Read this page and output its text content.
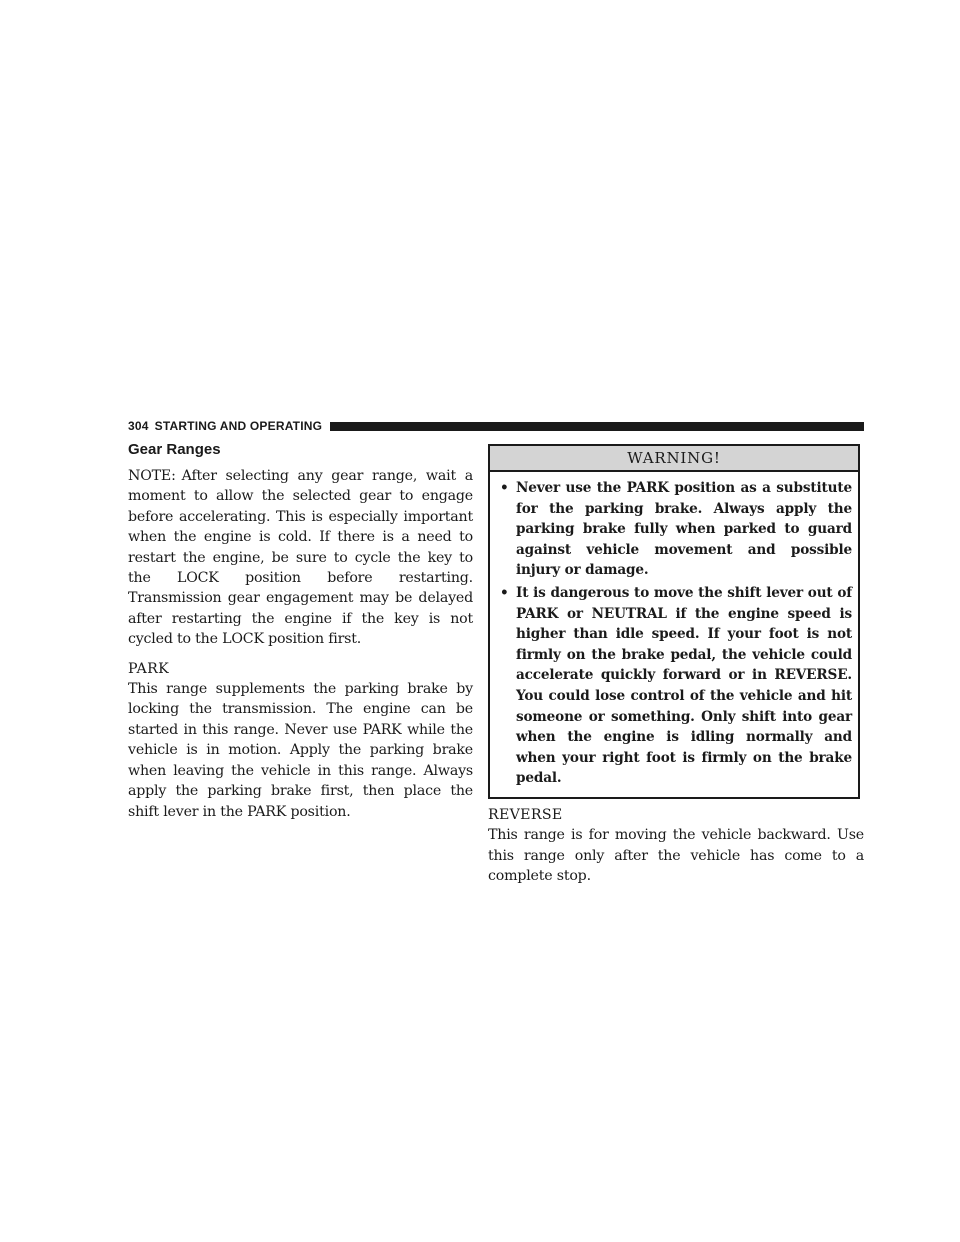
304 STARTING AND OPERATING
Gear Ranges

NOTE: After selecting any gear range, wait a moment to allow the selected gear to engage before accelerating. This is especially important when the engine is cold. If there is a need to restart the engine, be sure to cycle the key to the LOCK position before restarting. Transmission gear engagement may be delayed after restarting the engine if the key is not cycled to the LOCK position first.

PARK

This range supplements the parking brake by locking the transmission. The engine can be started in this range. Never use PARK while the vehicle is in motion. Apply the parking brake when leaving the vehicle in this range. Always apply the parking brake first, then place the shift lever in the PARK position.

WARNING!
• Never use the PARK position as a substitute for the parking brake. Always apply the parking brake fully when parked to guard against vehicle movement and possible injury or damage.
• It is dangerous to move the shift lever out of PARK or NEUTRAL if the engine speed is higher than idle speed. If your foot is not firmly on the brake pedal, the vehicle could accelerate quickly forward or in REVERSE. You could lose control of the vehicle and hit someone or something. Only shift into gear when the engine is idling normally and when your right foot is firmly on the brake pedal.
REVERSE

This range is for moving the vehicle backward. Use this range only after the vehicle has come to a complete stop.
